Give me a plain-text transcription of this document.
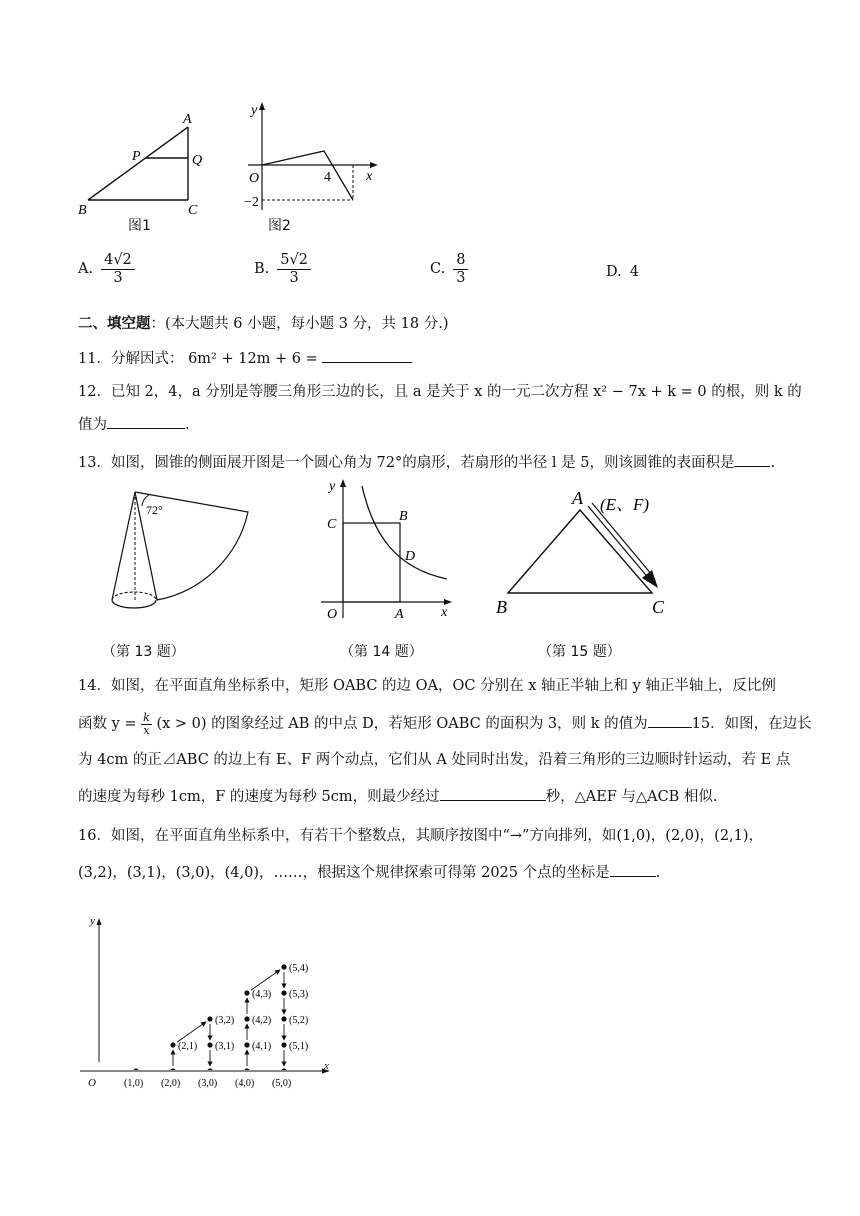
A
P	Q
B	C
图1
y
O	4	x
−2
图2
A. $\frac{4√2}{3}$	B. $\frac{5√2}{3}$	C. $\frac{8}{3}$	D. 4
二、填空题：(本大题共 6 小题，每小题 3 分，共 18 分.)
11．分解因式： 6m² + 12m + 6 =
12．已知 2，4，a 分别是等腰三角形三边的长，且 a 是关于 x 的一元二次方程 x² − 7x + k = 0 的根，则 k 的
值为	.
13．如图，圆锥的侧面展开图是一个圆心角为 72°的扇形，若扇形的半径 l 是 5，则该圆锥的表面积是 .
72°
（第 13 题）
y
C
B
D
O	A	x
（第 14 题）
A (E、F)
B	C
（第 15 题）
14．如图，在平面直角坐标系中，矩形 OABC 的边 OA，OC 分别在 x 轴正半轴上和 y 轴正半轴上，反比例
函数 $y = \frac{k}{x} (x > 0)$ 的图象经过 AB 的中点 D，若矩形 OABC 的面积为 3，则 k 的值为	15．如图，在边长
为 4cm 的正⊿ABC 的边上有 E、F 两个动点，它们从 A 处同时出发，沿着三角形的三边顺时针运动，若 E 点
的速度为每秒 1cm，F 的速度为每秒 5cm，则最少经过	秒，△AEF 与△ACB 相似.
16．如图，在平面直角坐标系中，有若干个整数点，其顺序按图中“→”方向排列，如(1,0)，(2,0)，(2,1)，
(3,2)，(3,1)，(3,0)，(4,0)，……，根据这个规律探索可得第 2025 个点的坐标是	.
y
x
(2,1)
(3,2)
(3,1) (4,1)
(4,2)
(4,3)
(5,4)
(5,3)
(5,2)
(5,1)
O	(1,0) (2,0) (3,0) (4,0) (5,0)
